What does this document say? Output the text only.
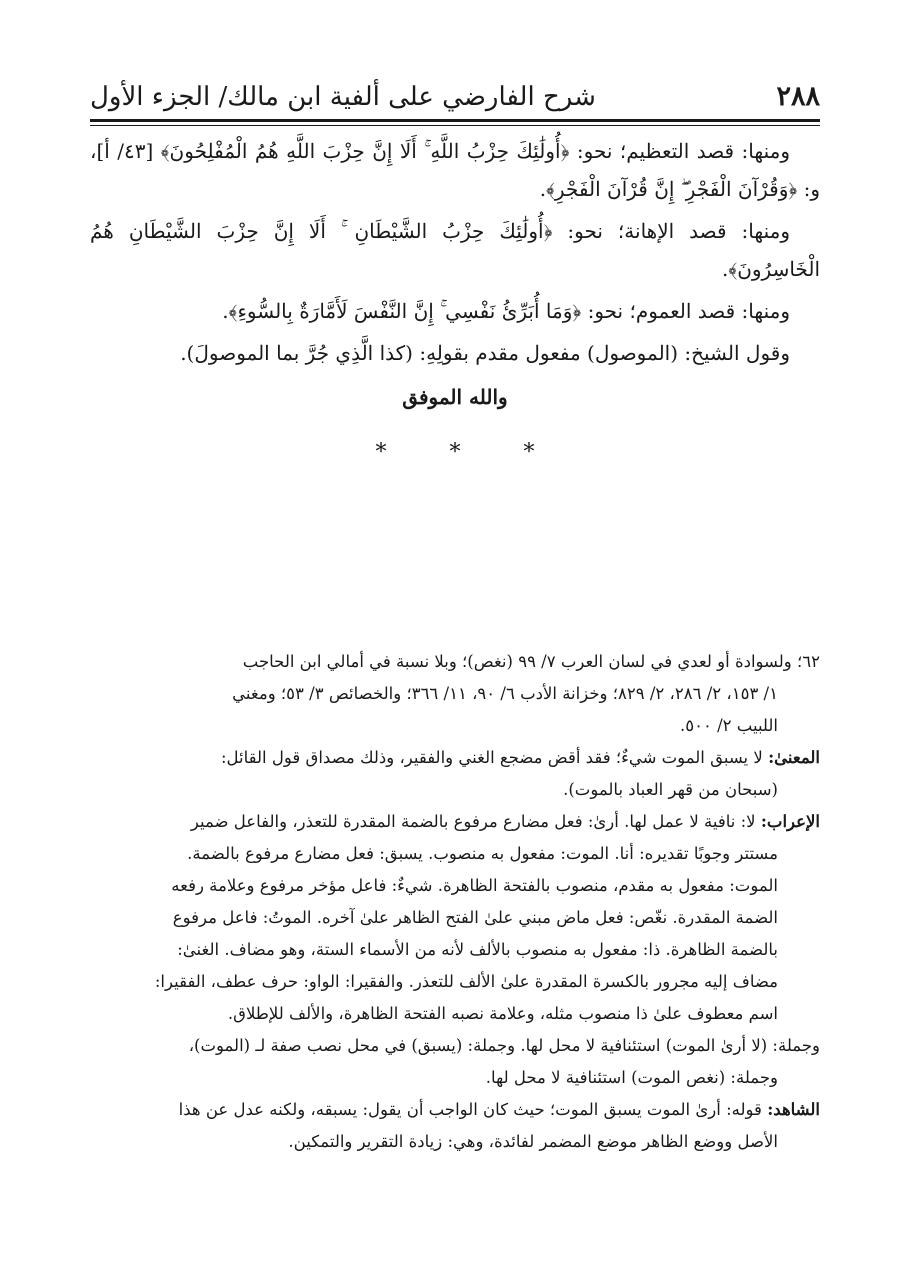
٢٨٨
شرح الفارضي على ألفية ابن مالك/ الجزء الأول

ومنها: قصد التعظيم؛ نحو: ﴿أُولَٰئِكَ حِزْبُ اللَّهِ ۚ أَلَا إِنَّ حِزْبَ اللَّهِ هُمُ الْمُفْلِحُونَ﴾ [٤٣/ أ]، و: ﴿وَقُرْآنَ الْفَجْرِ ۖ إِنَّ قُرْآنَ الْفَجْرِ﴾.

ومنها: قصد الإهانة؛ نحو: ﴿أُولَٰئِكَ حِزْبُ الشَّيْطَانِ ۚ أَلَا إِنَّ حِزْبَ الشَّيْطَانِ هُمُ الْخَاسِرُونَ﴾.

ومنها: قصد العموم؛ نحو: ﴿وَمَا أُبَرِّئُ نَفْسِي ۚ إِنَّ النَّفْسَ لَأَمَّارَةٌ بِالسُّوءِ﴾.

وقول الشيخ: (الموصول) مفعول مقدم بقولِهِ: (كذا الَّذِي جُرَّ بما الموصولَ).

والله الموفق

* * *

٦٢؛ ولسوادة أو لعدي في لسان العرب ٧/ ٩٩ (نغص)؛ وبلا نسبة في أمالي ابن الحاجب

١/ ١٥٣، ٢/ ٢٨٦، ٢/ ٨٢٩؛ وخزانة الأدب ٦/ ٩٠، ١١/ ٣٦٦؛ والخصائص ٣/ ٥٣؛ ومغني

اللبيب ٢/ ٥٠٠.

المعنىٰ: لا يسبق الموت شيءٌ؛ فقد أقض مضجع الغني والفقير، وذلك مصداق قول القائل:

(سبحان من قهر العباد بالموت).

الإعراب: لا: نافية لا عمل لها. أرىٰ: فعل مضارع مرفوع بالضمة المقدرة للتعذر، والفاعل ضمير

مستتر وجوبًا تقديره: أنا. الموت: مفعول به منصوب. يسبق: فعل مضارع مرفوع بالضمة.

الموت: مفعول به مقدم، منصوب بالفتحة الظاهرة. شيءٌ: فاعل مؤخر مرفوع وعلامة رفعه

الضمة المقدرة. نغّص: فعل ماض مبني علىٰ الفتح الظاهر علىٰ آخره. الموتُ: فاعل مرفوع

بالضمة الظاهرة. ذا: مفعول به منصوب بالألف لأنه من الأسماء الستة، وهو مضاف. الغنىٰ:

مضاف إليه مجرور بالكسرة المقدرة علىٰ الألف للتعذر. والفقيرا: الواو: حرف عطف، الفقيرا:

اسم معطوف علىٰ ذا منصوب مثله، وعلامة نصبه الفتحة الظاهرة، والألف للإطلاق.

وجملة: (لا أرىٰ الموت) استئنافية لا محل لها. وجملة: (يسبق) في محل نصب صفة لـ (الموت)،

وجملة: (نغص الموت) استئنافية لا محل لها.

الشاهد: قوله: أرىٰ الموت يسبق الموت؛ حيث كان الواجب أن يقول: يسبقه، ولكنه عدل عن هذا

الأصل ووضع الظاهر موضع المضمر لفائدة، وهي: زيادة التقرير والتمكين.
